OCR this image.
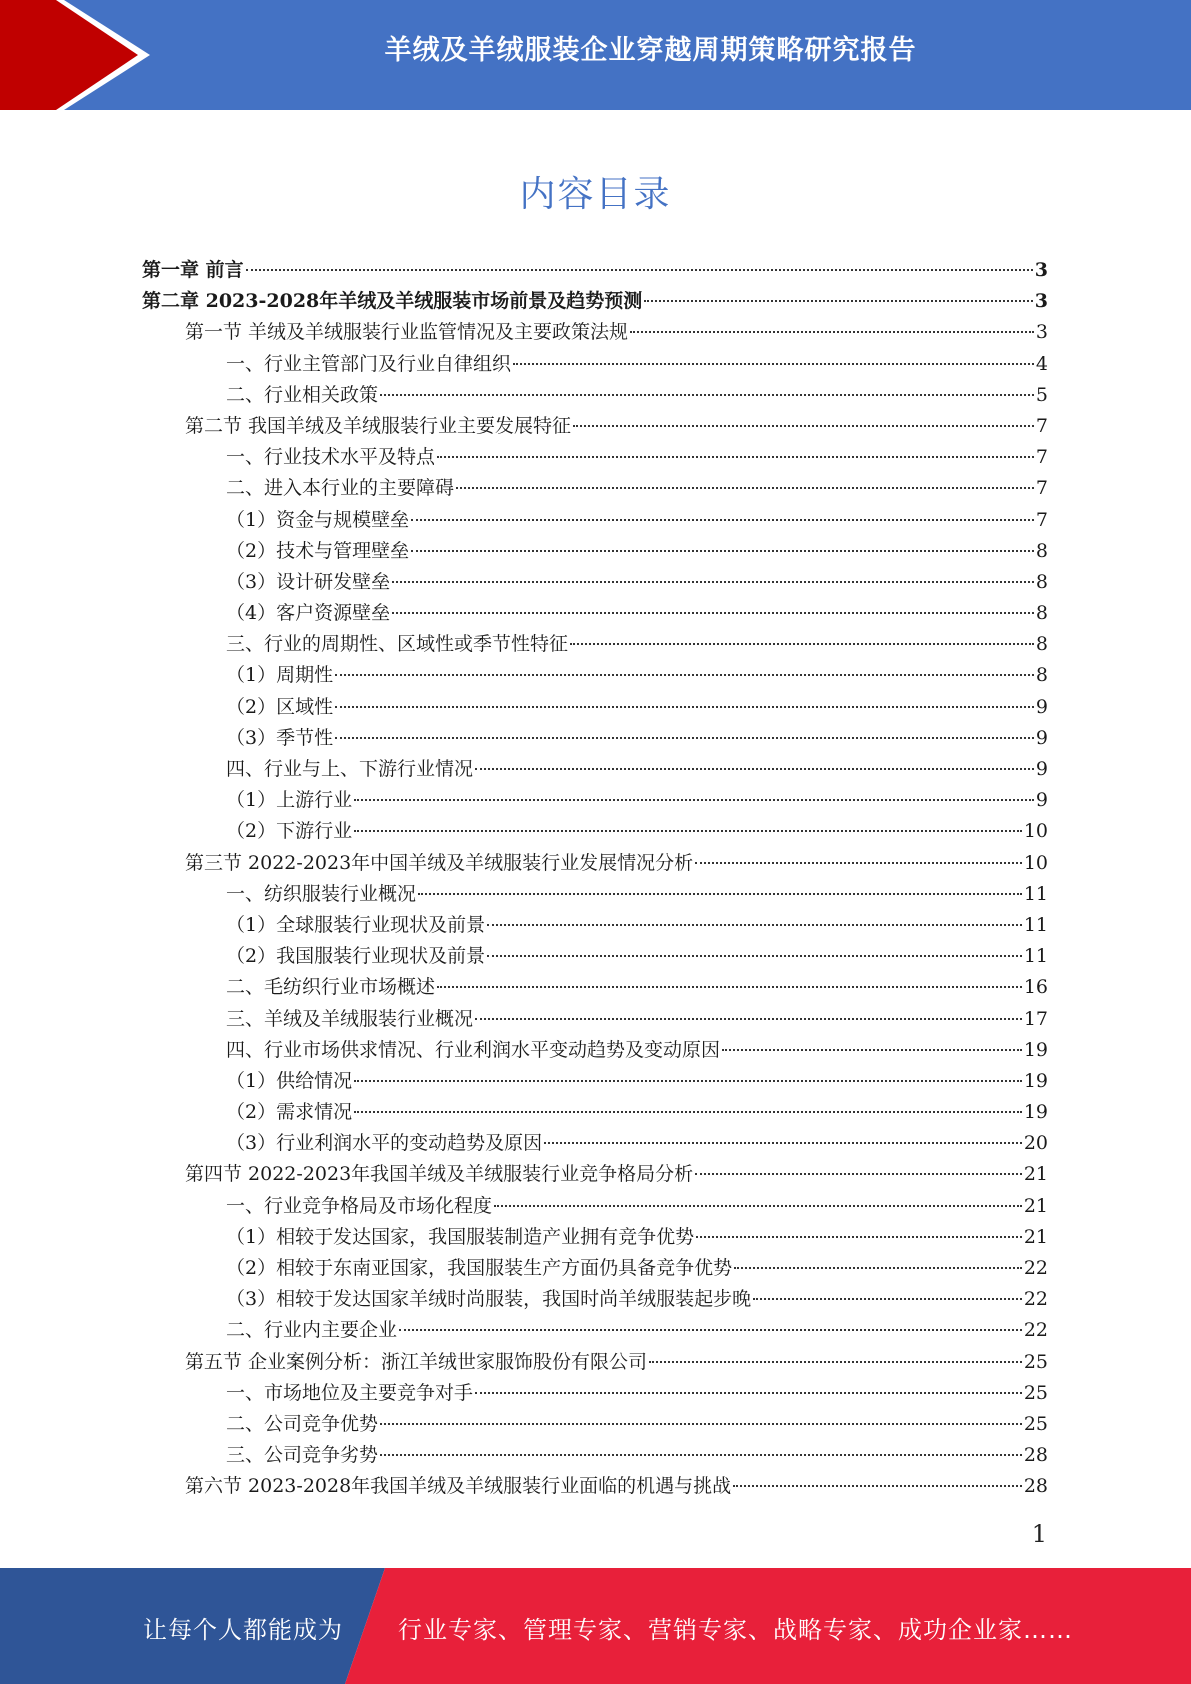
羊绒及羊绒服装企业穿越周期策略研究报告
内容目录
第一章 前言	3
第二章 2023-2028年羊绒及羊绒服装市场前景及趋势预测	3
第一节 羊绒及羊绒服装行业监管情况及主要政策法规	3
一、行业主管部门及行业自律组织	4
二、行业相关政策	5
第二节 我国羊绒及羊绒服装行业主要发展特征	7
一、行业技术水平及特点	7
二、进入本行业的主要障碍	7
（1）资金与规模壁垒	7
（2）技术与管理壁垒	8
（3）设计研发壁垒	8
（4）客户资源壁垒	8
三、行业的周期性、区域性或季节性特征	8
（1）周期性	8
（2）区域性	9
（3）季节性	9
四、行业与上、下游行业情况	9
（1）上游行业	9
（2）下游行业	10
第三节 2022-2023年中国羊绒及羊绒服装行业发展情况分析	10
一、纺织服装行业概况	11
（1）全球服装行业现状及前景	11
（2）我国服装行业现状及前景	11
二、毛纺织行业市场概述	16
三、羊绒及羊绒服装行业概况	17
四、行业市场供求情况、行业利润水平变动趋势及变动原因	19
（1）供给情况	19
（2）需求情况	19
（3）行业利润水平的变动趋势及原因	20
第四节 2022-2023年我国羊绒及羊绒服装行业竞争格局分析	21
一、行业竞争格局及市场化程度	21
（1）相较于发达国家，我国服装制造产业拥有竞争优势	21
（2）相较于东南亚国家，我国服装生产方面仍具备竞争优势	22
（3）相较于发达国家羊绒时尚服装，我国时尚羊绒服装起步晚	22
二、行业内主要企业	22
第五节 企业案例分析：浙江羊绒世家服饰股份有限公司	25
一、市场地位及主要竞争对手	25
二、公司竞争优势	25
三、公司竞争劣势	28
第六节 2023-2028年我国羊绒及羊绒服装行业面临的机遇与挑战	28
1
让每个人都能成为 行业专家、管理专家、营销专家、战略专家、成功企业家……
